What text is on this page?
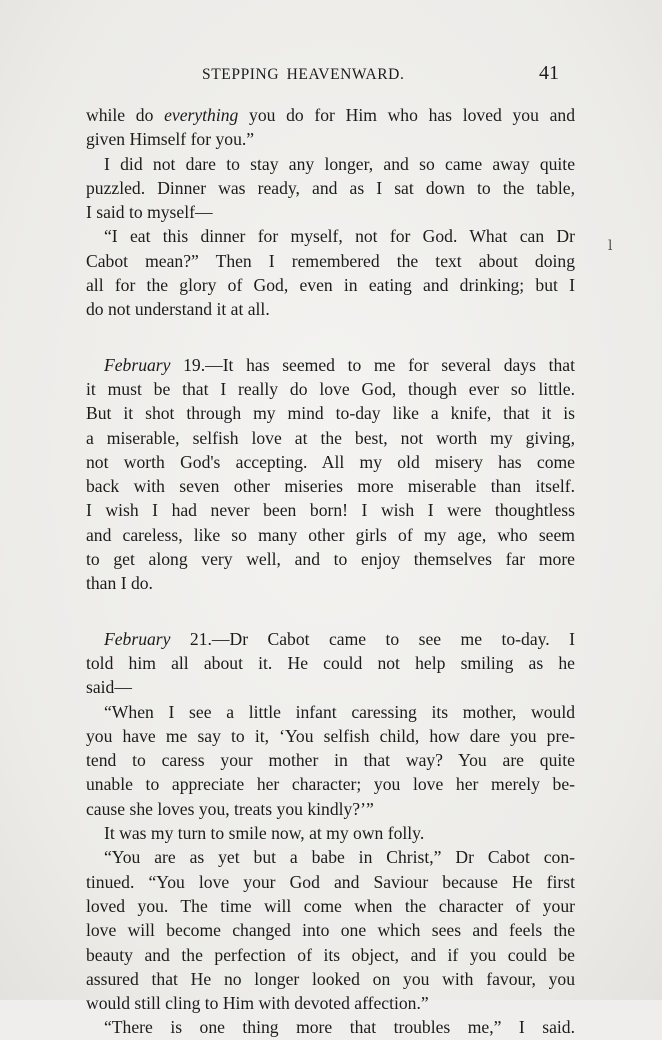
STEPPING HEAVENWARD.	41
while do everything you do for Him who has loved you and
given Himself for you.”
I did not dare to stay any longer, and so came away quite
puzzled. Dinner was ready, and as I sat down to the table,
I said to myself—
“I eat this dinner for myself, not for God. What can Dr
Cabot mean?” Then I remembered the text about doing
all for the glory of God, even in eating and drinking; but I
do not understand it at all.
February 19.—It has seemed to me for several days that
it must be that I really do love God, though ever so little.
But it shot through my mind to-day like a knife, that it is
a miserable, selfish love at the best, not worth my giving,
not worth God's accepting. All my old misery has come
back with seven other miseries more miserable than itself.
I wish I had never been born! I wish I were thoughtless
and careless, like so many other girls of my age, who seem
to get along very well, and to enjoy themselves far more
than I do.
February 21.—Dr Cabot came to see me to-day. I
told him all about it. He could not help smiling as he
said—
“When I see a little infant caressing its mother, would
you have me say to it, ‘You selfish child, how dare you pre-
tend to caress your mother in that way? You are quite
unable to appreciate her character; you love her merely be-
cause she loves you, treats you kindly?’”
It was my turn to smile now, at my own folly.
“You are as yet but a babe in Christ,” Dr Cabot con-
tinued. “You love your God and Saviour because He first
loved you. The time will come when the character of your
love will become changed into one which sees and feels the
beauty and the perfection of its object, and if you could be
assured that He no longer looked on you with favour, you
would still cling to Him with devoted affection.”
“There is one thing more that troubles me,” I said.
ⅼ
